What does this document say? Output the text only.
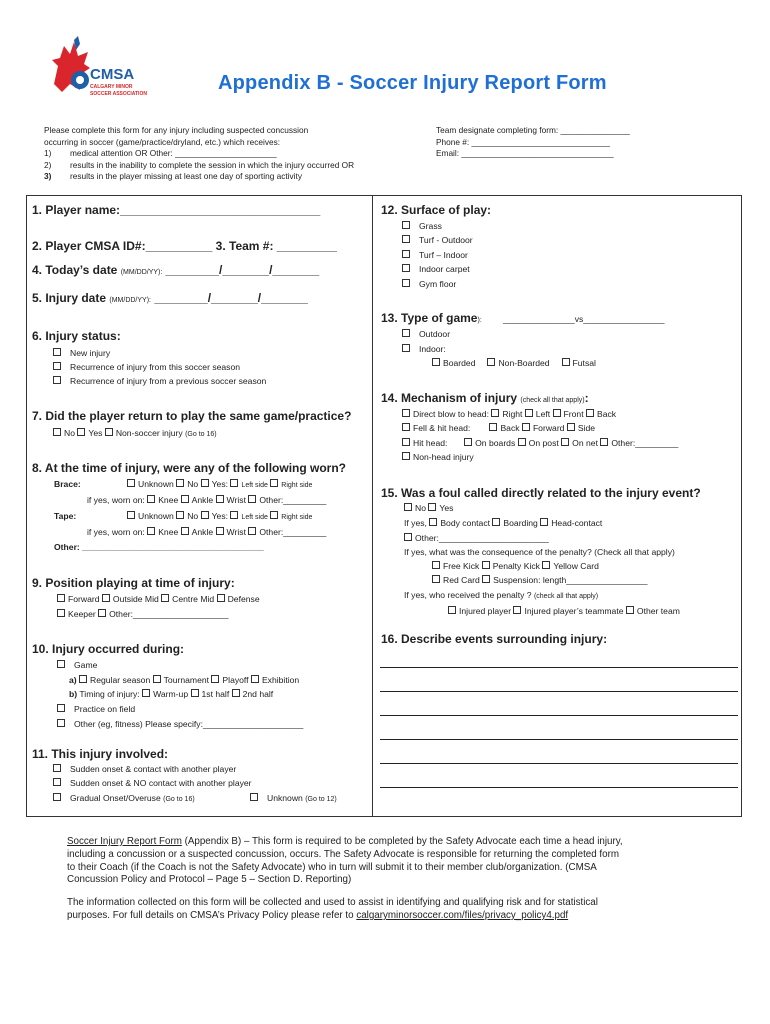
CMSA
CALGARY MINOR
SOCCER ASSOCIATION	Appendix B - Soccer Injury Report Form
Please complete this form for any injury including suspected concussion
occurring in soccer (game/practice/dryland, etc.) which receives:
1) medical attention OR Other: ______________________
2) results in the inability to complete the session in which the injury occurred OR
3) results in the player missing at least one day of sporting activity
Team designate completing form: _______________
Phone #: ______________________________
Email: _________________________________
1. Player name:______________________________
2. Player CMSA ID#:__________ 3. Team #: _________
4. Today’s date (MM/DD/YY): ________/_______/_______
5. Injury date (MM/DD/YY): ________/_______/_______
6. Injury status:
New injury
Recurrence of injury from this soccer season
Recurrence of injury from a previous soccer season
7. Did the player return to play the same game/practice?
No Yes Non-soccer injury (Go to 16)
8. At the time of injury, were any of the following worn?
Brace:	Unknown No Yes: Left side Right side
if yes, worn on: Knee Ankle Wrist Other:_________
Tape:	Unknown No Yes: Left side Right side
if yes, worn on: Knee Ankle Wrist Other:_________
Other: ______________________________________
9. Position playing at time of injury:
Forward Outside Mid Centre Mid Defense
Keeper Other:____________________
10. Injury occurred during:
Game
a) Regular season Tournament Playoff Exhibition
b) Timing of injury: Warm-up 1st half 2nd half
Practice on field
Other (eg, fitness) Please specify:_____________________
11. This injury involved:
Sudden onset & contact with another player
Sudden onset & NO contact with another player
Gradual Onset/Overuse (Go to 16)	Unknown (Go to 12)
12. Surface of play:
Grass
Turf - Outdoor
Turf – Indoor
Indoor carpet
Gym floor
13. Type of game): _______________vs_________________
Outdoor
Indoor:
Boarded	Non-Boarded	Futsal
14. Mechanism of injury (check all that apply):
Direct blow to head: Right Left Front Back
Fell & hit head:	Back Forward Side
Hit head:	On boards On post On net Other:_________
Non-head injury
15. Was a foul called directly related to the injury event?
No Yes
If yes, Body contact Boarding Head-contact
Other:_______________________
If yes, what was the consequence of the penalty? (Check all that apply)
Free Kick Penalty Kick Yellow Card
Red Card Suspension: length_________________
If yes, who received the penalty ? (check all that apply)
Injured player Injured player’s teammate Other team
16. Describe events surrounding injury:
Soccer Injury Report Form (Appendix B) – This form is required to be completed by the Safety Advocate each time a head injury,
including a concussion or a suspected concussion, occurs. The Safety Advocate is responsible for returning the completed form
to their Coach (if the Coach is not the Safety Advocate) who in turn will submit it to their member club/organization. (CMSA
Concussion Policy and Protocol – Page 5 – Section D. Reporting)
The information collected on this form will be collected and used to assist in identifying and qualifying risk and for statistical
purposes. For full details on CMSA’s Privacy Policy please refer to calgaryminorsoccer.com/files/privacy_policy4.pdf
